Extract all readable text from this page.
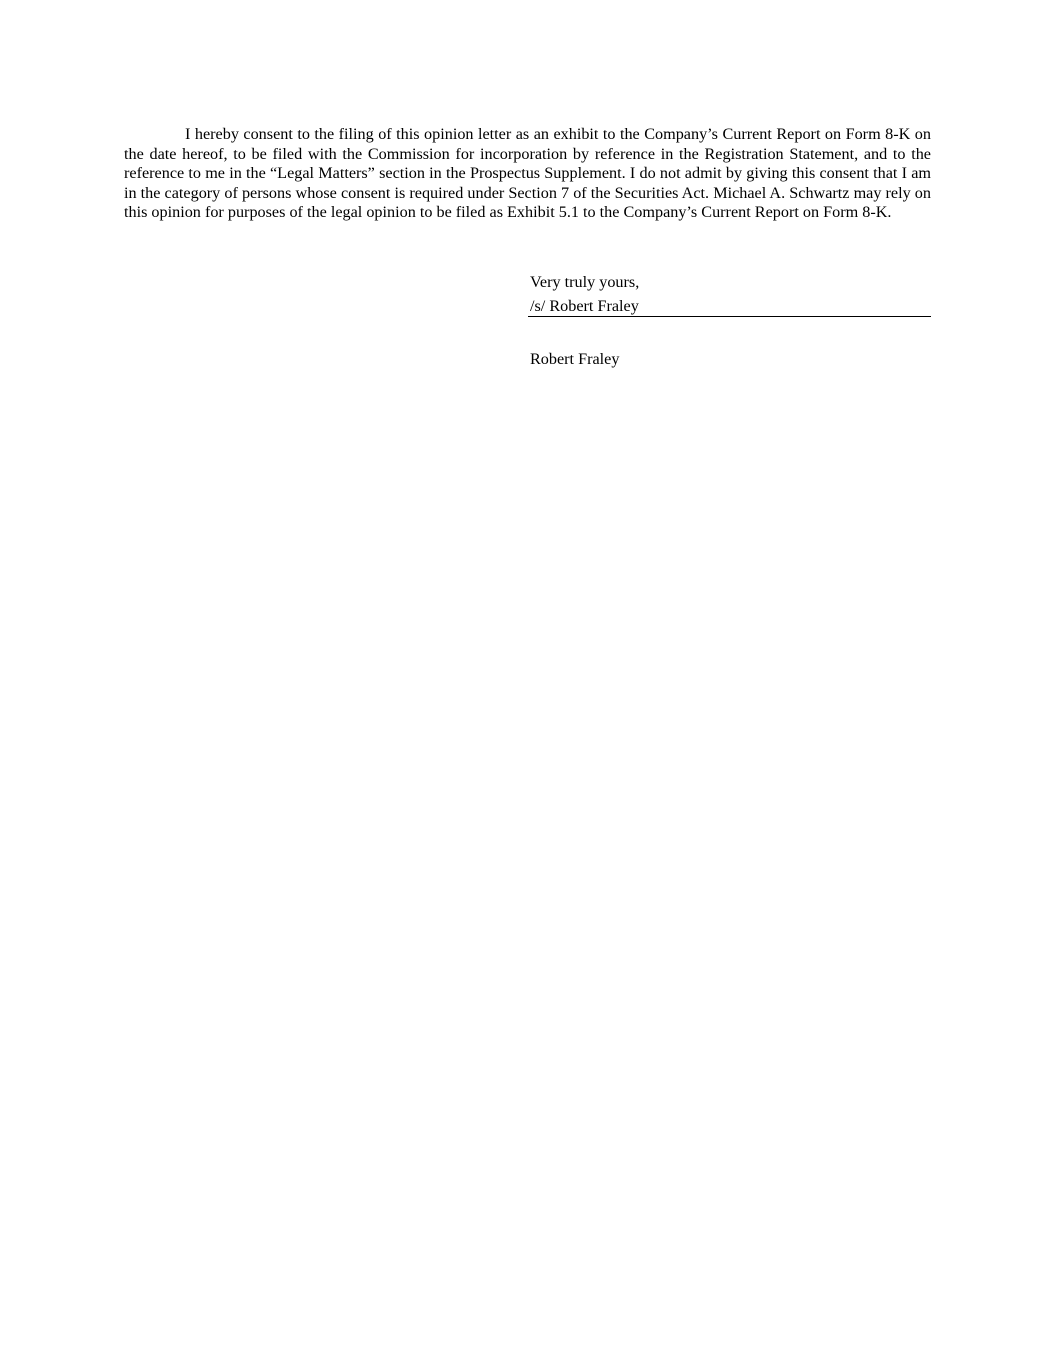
I hereby consent to the filing of this opinion letter as an exhibit to the Company’s Current Report on Form 8-K on the date hereof, to be filed with the Commission for incorporation by reference in the Registration Statement, and to the reference to me in the “Legal Matters” section in the Prospectus Supplement. I do not admit by giving this consent that I am in the category of persons whose consent is required under Section 7 of the Securities Act. Michael A. Schwartz may rely on this opinion for purposes of the legal opinion to be filed as Exhibit 5.1 to the Company’s Current Report on Form 8-K.

Very truly yours,
/s/ Robert Fraley
Robert Fraley
